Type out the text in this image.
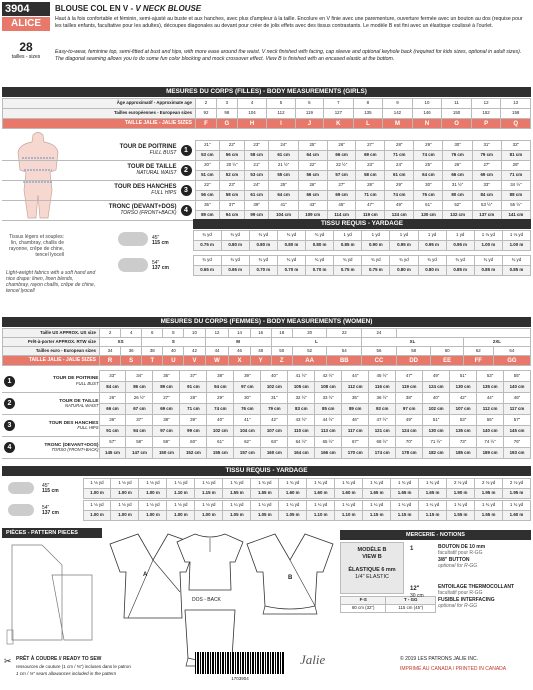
3904
ALICE
28
tailles - sizes
BLOUSE COL EN V - V NECK BLOUSE
Haut à la fois confortable et féminin, semi-ajusté au buste et aux hanches, avec plus d'ampleur à la taille. Encolure en V finie avec une parementure, ouverture fermée avec un bouton au dos (requise pour les tailles enfants, facultative pour les adultes), découpes diagonales au devant pour créer de jolis effets avec des tissus contrastants. Le modèle B est fini avec un élastique coulissé à l'ourlet.
Easy-to-wear, feminine top, semi-fitted at bust and hips, with more ease around the waist. V neck finished with facing, cap sleeve and optional keyhole back (required for kids sizes, optional in adult sizes). The diagonal seaming allows you to do some fun color blocking and mock crossover effect. View B is finished with an encased elastic at the bottom.
MESURES DU CORPS (FILLES) - BODY MEASUREMENTS (GIRLS)
Âge approximatif - Approximate age	2	3	4	5	6	7	8	9	10	11	12	13
Tailles européennes - European sizes	92	98	104	112	119	127	135	142	146	150	152	158
TAILLE JALIE - JALIE SIZES	F	G	H	I	J	K	L	M	N	O	P	Q
TOUR DE POITRINE
FULL BUST 1	21"	22"	23"	24"	25"	26"	27"	28"	29"	30"	31"	32"
	53 cm	56 cm	58 cm	61 cm	64 cm	66 cm	69 cm	71 cm	74 cm	76 cm	79 cm	81 cm

TOUR DE TAILLE
NATURAL WAIST 2	20"	20 ½"	21"	21 ½"	22"	22 ½"	23"	24"	25"	26"	27"	28"
	51 cm	52 cm	53 cm	55 cm	56 cm	57 cm	58 cm	61 cm	64 cm	66 cm	69 cm	71 cm

TOUR DES HANCHES
FULL HIPS 3	22"	23"	24"	25"	26"	27"	28"	29"	30"	31 ½"	33"	34 ½"
	56 cm	58 cm	61 cm	64 cm	66 cm	69 cm	71 cm	74 cm	76 cm	80 cm	84 cm	88 cm

TRONC (DEVANT+DOS)
TORSO (FRONT+BACK) 4	35"	37"	39"	41"	43"	45"	47"	49"	51"	52"	53 ½"	55 ½"
	89 cm	94 cm	99 cm	104 cm	109 cm	114 cm	119 cm	124 cm	130 cm	132 cm	137 cm	141 cm
TISSU REQUIS - YARDAGE
Tissus légers et souples: lin, chambray, challis de rayonne, crêpe de chine, tencel lyocell
Light-weight fabrics with a soft hand and nice drape: linen, linen blends, chambray, rayon challis, crêpe de chine, tencel lyocell
45"
115 cm	¾ yd	¾ yd	¾ yd	¾ yd	¾ yd	1 yd	1 yd	1 yd	1 yd	1 yd	1 ⅛ yd	1 ⅛ yd
	0.75 m	0.80 m	0.80 m	0.80 m	0.80 m	0.85 m	0.90 m	0.95 m	0.95 m	0.95 m	1.00 m	1.00 m

54"
137 cm	¾ yd	¾ yd	¾ yd	¾ yd	¾ yd	¾ yd	¾ yd	¾ yd	¾ yd	¾ yd	¾ yd	¾ yd
	0.65 m	0.65 m	0.70 m	0.70 m	0.70 m	0.75 m	0.75 m	0.80 m	0.80 m	0.85 m	0.85 m	0.85 m

MESURES DU CORPS (FEMMES) - BODY MEASUREMENTS (WOMEN)
Taille US APPROX. US size	2	4	6	8	10	12	14	16	18	20	22	24				
Prêt-à-porter APPROX. RTW size	XS		S			M			L			XL			2XL	
Tailles euro - European sizes	34	36	38	40	42	44	46	48	50	52	54	56	58	60	62	64
TAILLE JALIE - JALIE SIZES	R	S	T	U	V	W	X	Y	Z	AA	BB	CC	DD	EE	FF	GG
1 TOUR DE POITRINE
FULL BUST	33"	34"	35"	37"	38"	39"	40"	41 ½"	42 ½"	44"	45 ½"	47"	49"	51"	53"	55"
	84 cm	86 cm	89 cm	91 cm	94 cm	97 cm	102 cm	105 cm	108 cm	112 cm	116 cm	119 cm	124 cm	130 cm	135 cm	140 cm

2 TOUR DE TAILLE
NATURAL WAIST	26"	26 ½"	27"	28"	29"	30"	31"	32 ½"	33 ½"	35"	36 ½"	38"	40"	42"	44"	46"
	66 cm	67 cm	69 cm	71 cm	74 cm	76 cm	79 cm	83 cm	85 cm	89 cm	93 cm	97 cm	102 cm	107 cm	112 cm	117 cm

3 TOUR DES HANCHES
FULL HIPS	36"	37"	38"	39"	40"	41"	42"	43 ½"	44 ½"	46"	47 ½"	49"	51"	53"	55"	57"
	91 cm	94 cm	97 cm	99 cm	102 cm	104 cm	107 cm	110 cm	113 cm	117 cm	121 cm	124 cm	130 cm	135 cm	140 cm	145 cm

4 TRONC (DEVANT+DOS)
TORSO (FRONT+BACK)	57"	58"	59"	60"	61"	62"	63"	64 ½"	65 ½"	67"	68 ½"	70"	71 ½"	73"	74 ½"	76"
	145 cm	147 cm	150 cm	152 cm	155 cm	157 cm	160 cm	164 cm	166 cm	170 cm	174 cm	178 cm	182 cm	185 cm	189 cm	193 cm
TISSU REQUIS - YARDAGE
45"
115 cm	1 ⅛ yd	1 ⅛ yd	1 ⅛ yd	1 ¼ yd	1 ¼ yd	1 ¾ yd	1 ¾ yd	1 ¾ yd	1 ¾ yd	1 ¾ yd	1 ¾ yd	1 ¾ yd	1 ¾ yd	2 ⅛ yd	2 ⅛ yd	2 ⅛ yd
	1.00 m	1.00 m	1.00 m	1.10 m	1.15 m	1.55 m	1.55 m	1.60 m	1.60 m	1.60 m	1.65 m	1.65 m	1.65 m	1.90 m	1.95 m	1.95 m

54"
137 cm	1 ⅛ yd	1 ⅛ yd	1 ⅛ yd	1 ⅛ yd	1 ⅛ yd	1 ¼ yd	1 ¼ yd	1 ¼ yd	1 ¼ yd	1 ¼ yd	1 ¼ yd	1 ¼ yd	1 ¼ yd	1 ¾ yd	1 ¾ yd	1 ¾ yd
	1.00 m	1.00 m	1.00 m	1.00 m	1.00 m	1.05 m	1.05 m	1.05 m	1.10 m	1.10 m	1.15 m	1.15 m	1.15 m	1.55 m	1.55 m	1.60 m

PIÈCES - PATTERN PIECES
A
DOS - BACK
B
MERCERIE - NOTIONS
MODÈLE B
VIEW B
ÉLASTIQUE 6 mm
1/4" ELASTIC
F-S	T - GG
80 cm (32")	115 cm (45")
1	BOUTON DE 10 mm
facultatif pour R-GG
3/8" BUTTON
optional for R-GG
12"
30 cm
ENTOILAGE THERMOCOLLANT
facultatif pour R-GG
FUSIBLE INTERFACING
optional for R-GG
✂ PRÊT À COUDRE // READY TO SEW
ressources de couture (1 cm / ⅜") incluses dans le patron
1 cm / ⅜" seam allowances included in the pattern
1703904
Jalie	© 2019 LES PATRONS JALIE INC.
IMPRIMÉ AU CANADA / PRINTED IN CANADA
